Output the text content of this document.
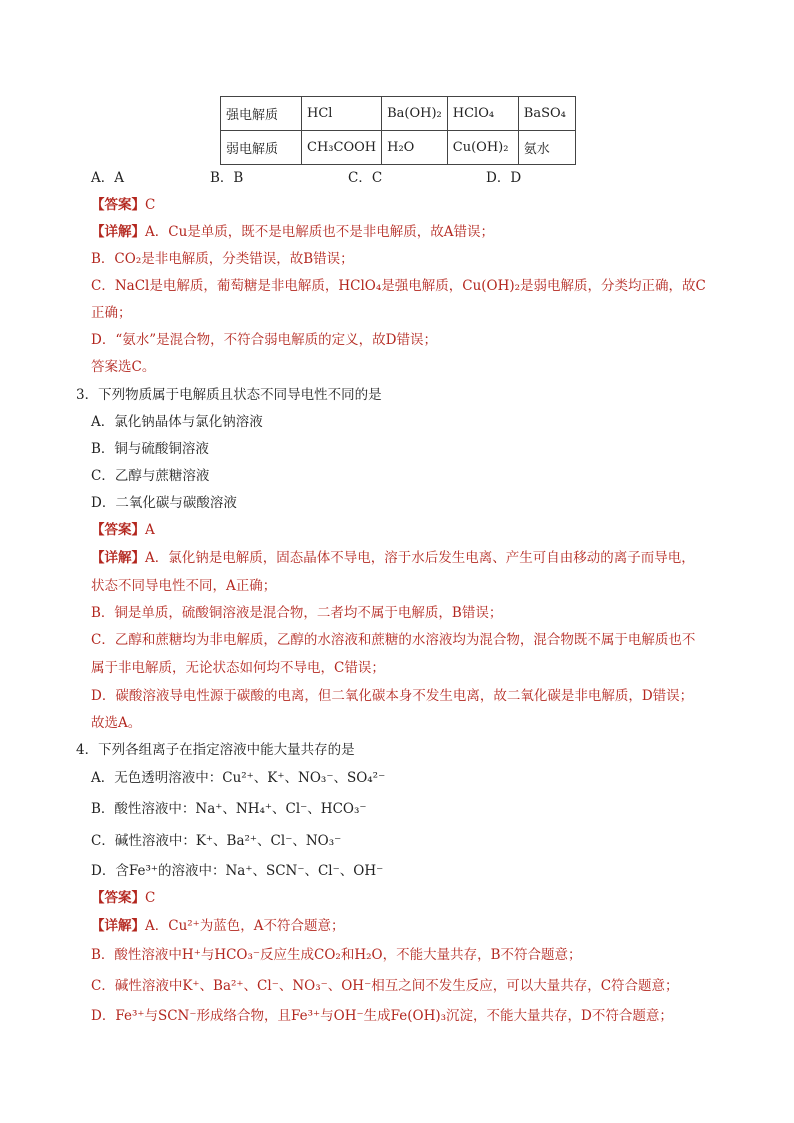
强电解质	HCl	Ba(OH)₂	HClO₄	BaSO₄
弱电解质	CH₃COOH	H₂O	Cu(OH)₂	氨水
A．A	B．B	C．C	D．D
【答案】C
【详解】A．Cu是单质，既不是电解质也不是非电解质，故A错误；
B．CO₂是非电解质，分类错误，故B错误；
C．NaCl是电解质，葡萄糖是非电解质，HClO₄是强电解质，Cu(OH)₂是弱电解质，分类均正确，故C
正确；
D．“氨水”是混合物，不符合弱电解质的定义，故D错误；
答案选C。
3．下列物质属于电解质且状态不同导电性不同的是
A．氯化钠晶体与氯化钠溶液
B．铜与硫酸铜溶液
C．乙醇与蔗糖溶液
D．二氧化碳与碳酸溶液
【答案】A
【详解】A．氯化钠是电解质，固态晶体不导电，溶于水后发生电离、产生可自由移动的离子而导电，
状态不同导电性不同，A正确；
B．铜是单质，硫酸铜溶液是混合物，二者均不属于电解质，B错误；
C．乙醇和蔗糖均为非电解质，乙醇的水溶液和蔗糖的水溶液均为混合物，混合物既不属于电解质也不
属于非电解质，无论状态如何均不导电，C错误；
D．碳酸溶液导电性源于碳酸的电离，但二氧化碳本身不发生电离，故二氧化碳是非电解质，D错误；
故选A。
4．下列各组离子在指定溶液中能大量共存的是
A．无色透明溶液中：Cu²⁺、K⁺、NO₃⁻、SO₄²⁻
B．酸性溶液中：Na⁺、NH₄⁺、Cl⁻、HCO₃⁻
C．碱性溶液中：K⁺、Ba²⁺、Cl⁻、NO₃⁻
D．含Fe³⁺的溶液中：Na⁺、SCN⁻、Cl⁻、OH⁻
【答案】C
【详解】A．Cu²⁺为蓝色，A不符合题意；
B．酸性溶液中H⁺与HCO₃⁻反应生成CO₂和H₂O，不能大量共存，B不符合题意；
C．碱性溶液中K⁺、Ba²⁺、Cl⁻、NO₃⁻、OH⁻相互之间不发生反应，可以大量共存，C符合题意；
D．Fe³⁺与SCN⁻形成络合物，且Fe³⁺与OH⁻生成Fe(OH)₃沉淀，不能大量共存，D不符合题意；
